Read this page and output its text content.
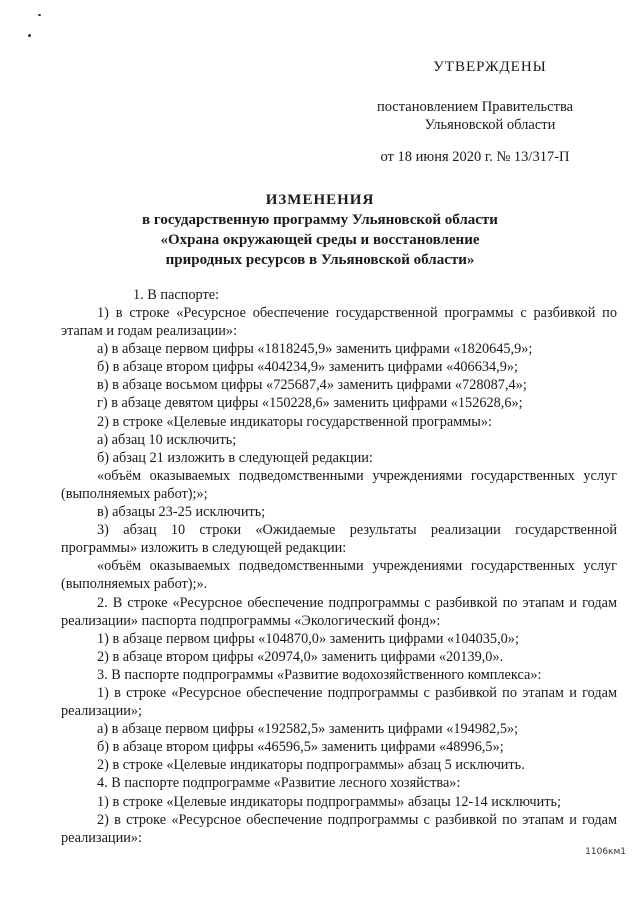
УТВЕРЖДЕНЫ
постановлением Правительства
Ульяновской области
от 18 июня 2020 г. № 13/317-П
ИЗМЕНЕНИЯ
в государственную программу Ульяновской области
«Охрана окружающей среды и восстановление
природных ресурсов в Ульяновской области»

1. В паспорте:

1) в строке «Ресурсное обеспечение государственной программы с разбивкой по этапам и годам реализации»:

а) в абзаце первом цифры «1818245,9» заменить цифрами «1820645,9»;

б) в абзаце втором цифры «404234,9» заменить цифрами «406634,9»;

в) в абзаце восьмом цифры «725687,4» заменить цифрами «728087,4»;

г) в абзаце девятом цифры «150228,6» заменить цифрами «152628,6»;

2) в строке «Целевые индикаторы государственной программы»:

а) абзац 10 исключить;

б) абзац 21 изложить в следующей редакции:

«объём оказываемых подведомственными учреждениями государственных услуг (выполняемых работ);»;

в) абзацы 23-25 исключить;

3) абзац 10 строки «Ожидаемые результаты реализации государственной программы» изложить в следующей редакции:

«объём оказываемых подведомственными учреждениями государственных услуг (выполняемых работ);».

2. В строке «Ресурсное обеспечение подпрограммы с разбивкой по этапам и годам реализации» паспорта подпрограммы «Экологический фонд»:

1) в абзаце первом цифры «104870,0» заменить цифрами «104035,0»;

2) в абзаце втором цифры «20974,0» заменить цифрами «20139,0».

3. В паспорте подпрограммы «Развитие водохозяйственного комплекса»:

1) в строке «Ресурсное обеспечение подпрограммы с разбивкой по этапам и годам реализации»;

а) в абзаце первом цифры «192582,5» заменить цифрами «194982,5»;

б) в абзаце втором цифры «46596,5» заменить цифрами «48996,5»;

2) в строке «Целевые индикаторы подпрограммы» абзац 5 исключить.

4. В паспорте подпрограмме «Развитие лесного хозяйства»:

1) в строке «Целевые индикаторы подпрограммы» абзацы 12-14 исключить;

2) в строке «Ресурсное обеспечение подпрограммы с разбивкой по этапам и годам реализации»:

1106км1
